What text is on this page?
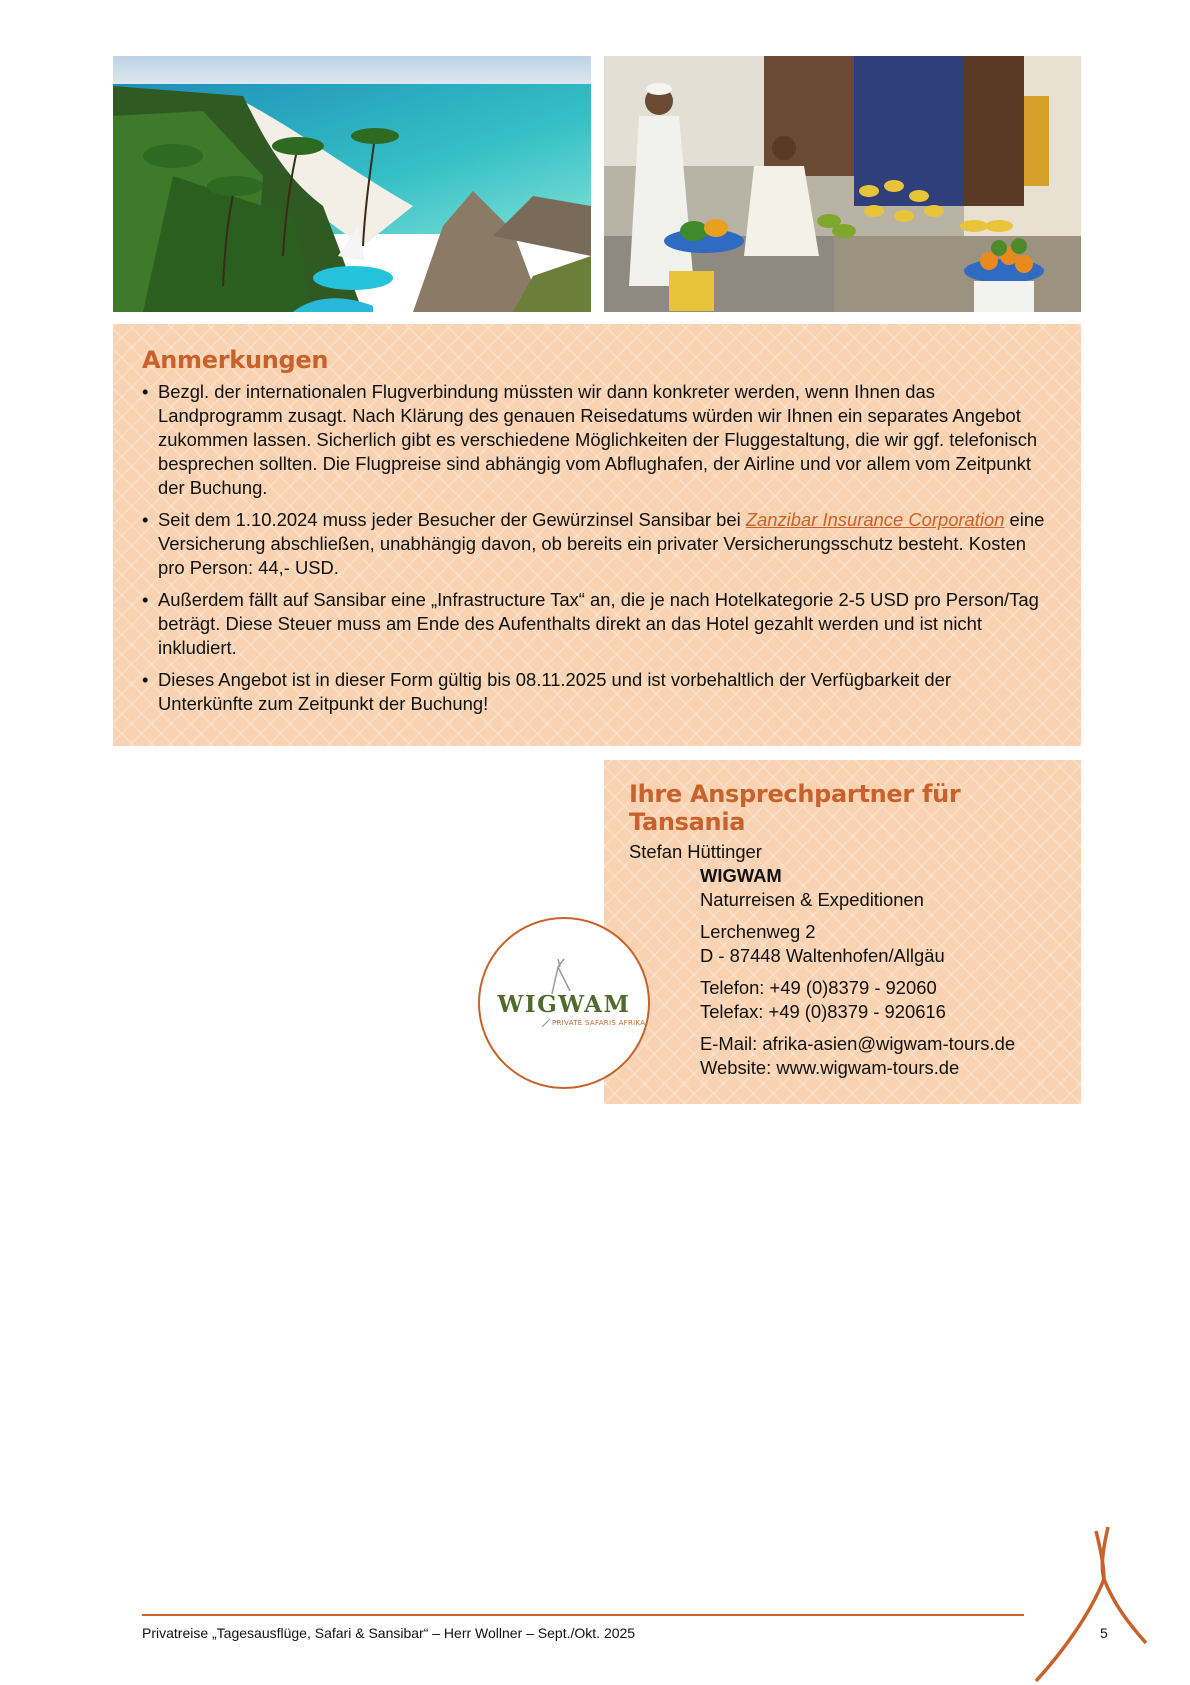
Anmerkungen
• Bezgl. der internationalen Flugverbindung müssten wir dann konkreter werden, wenn Ihnen das Landprogramm zusagt. Nach Klärung des genauen Reisedatums würden wir Ihnen ein separates Angebot zukommen lassen. Sicherlich gibt es verschiedene Möglichkeiten der Fluggestaltung, die wir ggf. telefonisch besprechen sollten. Die Flugpreise sind abhängig vom Abflughafen, der Airline und vor allem vom Zeitpunkt der Buchung.
• Seit dem 1.10.2024 muss jeder Besucher der Gewürzinsel Sansibar bei Zanzibar Insurance Corporation eine Versicherung abschließen, unabhängig davon, ob bereits ein privater Versicherungsschutz besteht. Kosten pro Person: 44,- USD.
• Außerdem fällt auf Sansibar eine „Infrastructure Tax“ an, die je nach Hotelkategorie 2-5 USD pro Person/Tag beträgt. Diese Steuer muss am Ende des Aufenthalts direkt an das Hotel gezahlt werden und ist nicht inkludiert.
• Dieses Angebot ist in dieser Form gültig bis 08.11.2025 und ist vorbehaltlich der Verfügbarkeit der Unterkünfte zum Zeitpunkt der Buchung!
Ihre Ansprechpartner für Tansania
Stefan Hüttinger

WIGWAM
Naturreisen & Expeditionen

Lerchenweg 2
D - 87448 Waltenhofen/Allgäu

Telefon: +49 (0)8379 - 92060
Telefax: +49 (0)8379 - 920616

E-Mail: afrika-asien@wigwam-tours.de
Website: www.wigwam-tours.de

WIGWAM
PRIVATE SAFARIS AFRIKA
Privatreise „Tagesausflüge, Safari & Sansibar“ – Herr Wollner – Sept./Okt. 2025	5
